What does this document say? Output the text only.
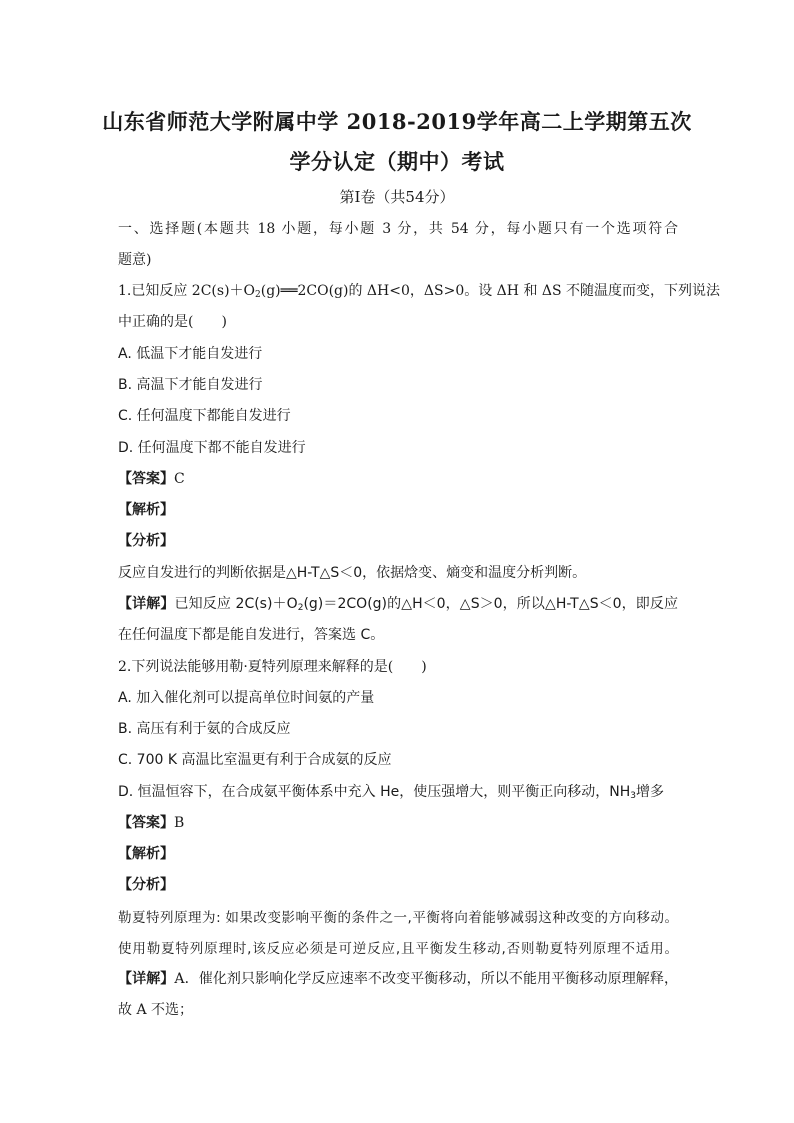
山东省师范大学附属中学 2018-2019学年高二上学期第五次
学分认定（期中）考试
第Ⅰ卷（共54分）
一、选择题(本题共 18 小题，每小题 3 分，共 54 分，每小题只有一个选项符合
题意)
1.已知反应 $2C(s)+O_2(g)══2CO(g)$的 ΔH<0，ΔS>0。设 ΔH 和 ΔS 不随温度而变，下列说法
中正确的是(　　)
A. 低温下才能自发进行
B. 高温下才能自发进行
C. 任何温度下都能自发进行
D. 任何温度下都不能自发进行
【答案】C
【解析】
【分析】
反应自发进行的判断依据是△H-T△S＜0，依据焓变、熵变和温度分析判断。
【详解】已知反应 $2C(s)+O_2(g)=2CO(g)$的△H＜0，△S＞0，所以△H-T△S＜0，即反应
在任何温度下都是能自发进行，答案选 C。
2.下列说法能够用勒·夏特列原理来解释的是(　　)
A. 加入催化剂可以提高单位时间氨的产量
B. 高压有利于氨的合成反应
C. 700 K 高温比室温更有利于合成氨的反应
D. 恒温恒容下，在合成氨平衡体系中充入 He，使压强增大，则平衡正向移动，$NH_3$增多
【答案】B
【解析】
【分析】
勒夏特列原理为: 如果改变影响平衡的条件之一,平衡将向着能够减弱这种改变的方向移动。
使用勒夏特列原理时,该反应必须是可逆反应,且平衡发生移动,否则勒夏特列原理不适用。
【详解】A．催化剂只影响化学反应速率不改变平衡移动，所以不能用平衡移动原理解释，
故 A 不选；
